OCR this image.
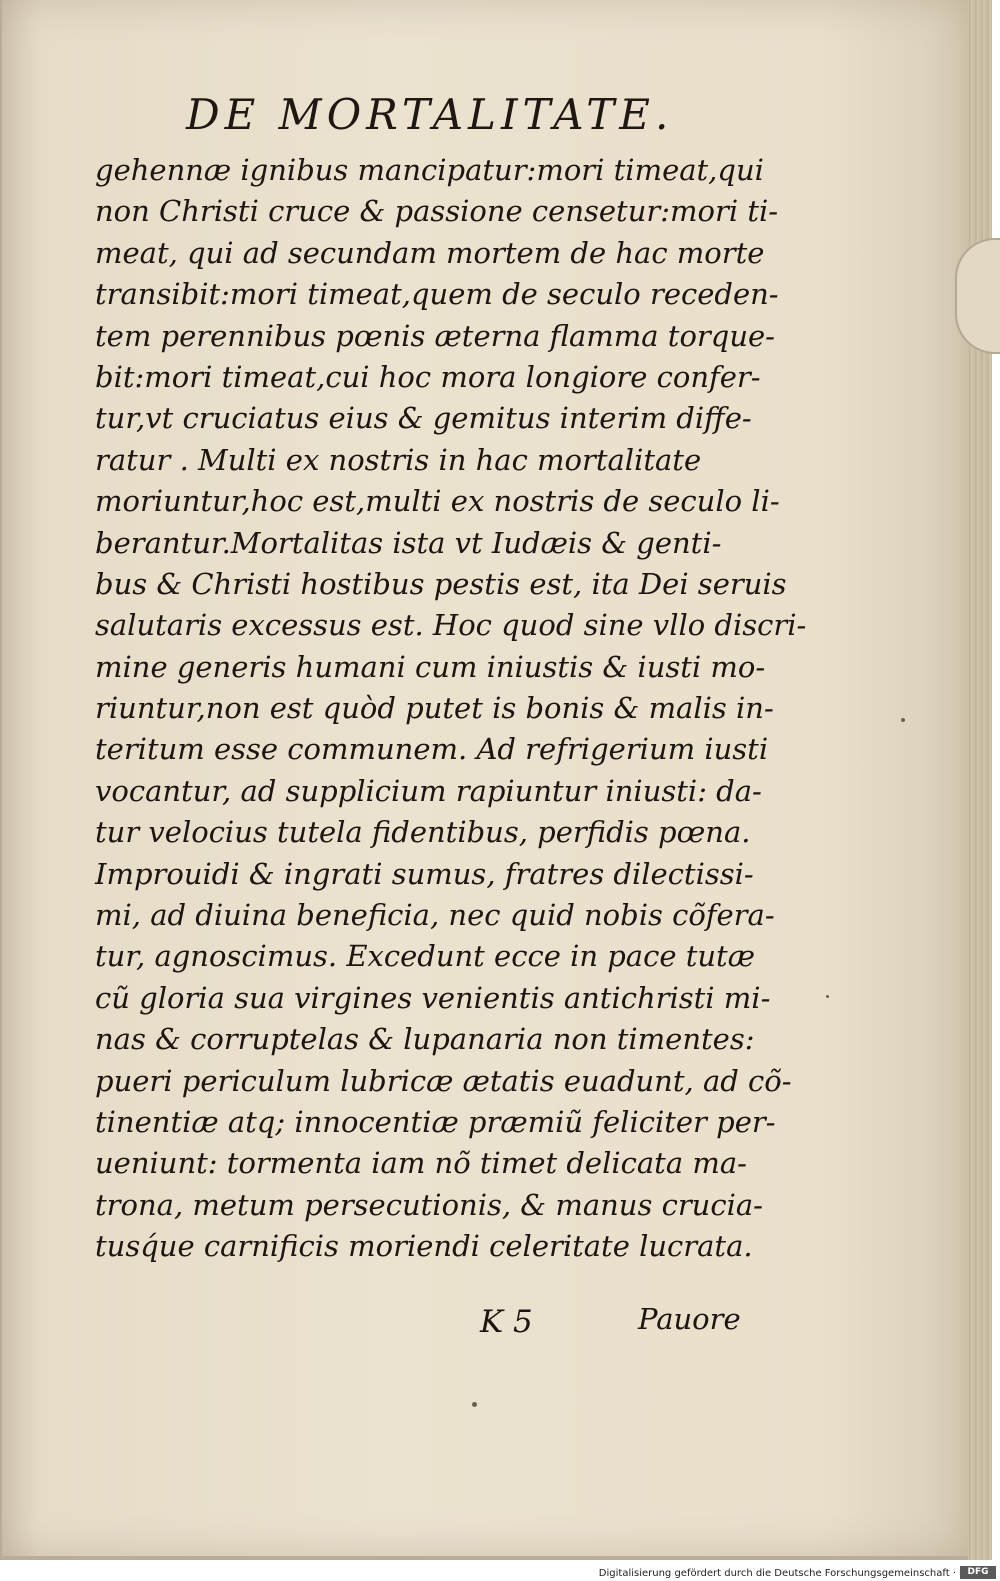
DE MORTALITATE.
gehennæ ignibus mancipatur:mori timeat,qui
non Christi cruce & passione censetur:mori ti-
meat, qui ad secundam mortem de hac morte
transibit:mori timeat,quem de seculo receden-
tem perennibus pœnis æterna flamma torque-
bit:mori timeat,cui hoc mora longiore confer-
tur,vt cruciatus eius & gemitus interim diffe-
ratur . Multi ex nostris in hac mortalitate
moriuntur,hoc est,multi ex nostris de seculo li-
berantur.Mortalitas ista vt Iudæis & genti-
bus & Christi hostibus pestis est, ita Dei seruis
salutaris excessus est. Hoc quod sine vllo discri-
mine generis humani cum iniustis & iusti mo-
riuntur,non est quòd putet is bonis & malis in-
teritum esse communem. Ad refrigerium iusti
vocantur, ad supplicium rapiuntur iniusti: da-
tur velocius tutela fidentibus, perfidis pœna.
Improuidi & ingrati sumus, fratres dilectissi-
mi, ad diuina beneficia, nec quid nobis cõfera-
tur, agnoscimus. Excedunt ecce in pace tutæ
cũ gloria sua virgines venientis antichristi mi-
nas & corruptelas & lupanaria non timentes:
pueri periculum lubricæ ætatis euadunt, ad cõ-
tinentiæ atq; innocentiæ præmiũ feliciter per-
ueniunt: tormenta iam nõ timet delicata ma-
trona, metum persecutionis, & manus crucia-
tusq́ue carnificis moriendi celeritate lucrata.
K 5	Pauore
Digitalisierung gefördert durch die Deutsche Forschungsgemeinschaft ·	DFG
